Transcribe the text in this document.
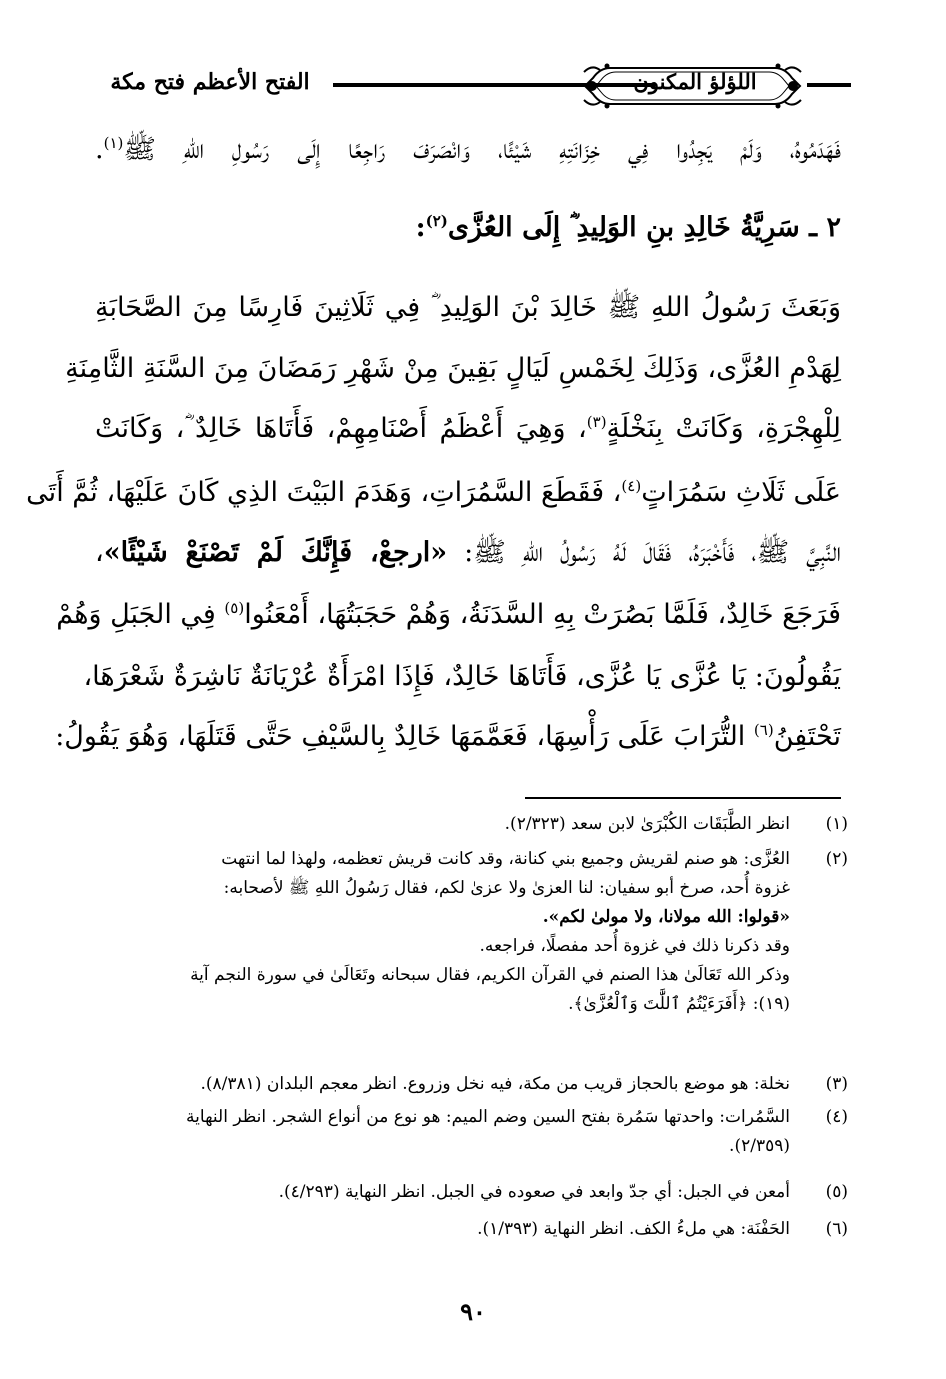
الفتح الأعظم فتح مكة	اللؤلؤ المكنون
فَهَدَمُوهُ، وَلَمْ يَجِدُوا فِي خِزَانَتِهِ شَيْئًا، وَانْصَرَفَ رَاجِعًا إِلَى رَسُولِ اللهِ ﷺ$^{(١)}$.
٢ ـ سَرِيَّةُ خَالِدِ بنِ الوَلِيدِ ؓ إِلَى العُزَّى$^{(٢)}$:
وَبَعَثَ رَسُولُ اللهِ ﷺ خَالِدَ بْنَ الوَلِيدِ ؓ فِي ثَلَاثِينَ فَارِسًا مِنَ الصَّحَابَةِ
لِهَدْمِ العُزَّى، وَذَلِكَ لِخَمْسِ لَيَالٍ بَقِينَ مِنْ شَهْرِ رَمَضَانَ مِنَ السَّنَةِ الثَّامِنَةِ
لِلْهِجْرَةِ، وَكَانَتْ بِنَخْلَةٍ$^{(٣)}$، وَهِيَ أَعْظَمُ أَصْنَامِهِمْ، فَأَتَاهَا خَالِدٌ ؓ، وَكَانَتْ
عَلَى ثَلَاثِ سَمُرَاتٍ$^{(٤)}$، فَقَطَعَ السَّمُرَاتِ، وَهَدَمَ البَيْتَ الذِي كَانَ عَلَيْهَا، ثُمَّ أَتَى
النَّبِيَّ ﷺ، فَأَخْبَرَهُ، فَقَالَ لَهُ رَسُولُ اللهِ ﷺ: «ارجعْ، فَإِنَّكَ لَمْ تَصْنَعْ شَيْئًا»،
فَرَجَعَ خَالِدٌ، فَلَمَّا بَصُرَتْ بِهِ السَّدَنَةُ، وَهُمْ حَجَبَتُهَا، أَمْعَنُوا$^{(٥)}$ فِي الجَبَلِ وَهُمْ
يَقُولُونَ: يَا عُزَّى يَا عُزَّى، فَأَتَاهَا خَالِدٌ، فَإِذَا امْرَأَةٌ عُرْيَانَةٌ نَاشِرَةٌ شَعْرَهَا،
تَحْتَفِنُ$^{(٦)}$ التُّرَابَ عَلَى رَأْسِهَا، فَعَمَّمَهَا خَالِدٌ بِالسَّيْفِ حَتَّى قَتَلَهَا، وَهُوَ يَقُولُ:
(١)
انظر الطَّبَقَات الكُبْرَىٰ لابن سعد (٢/٣٢٣).
(٢)
العُزَّى: هو صنم لقريش وجميع بني كنانة، وقد كانت قريش تعظمه، ولهذا لما انتهت
غزوة أُحد، صرخ أبو سفيان: لنا العزىٰ ولا عزىٰ لكم، فقال رَسُولُ اللهِ ﷺ لأصحابه:
«قولوا: الله مولانا، ولا مولىٰ لكم».
وقد ذكرنا ذلك في غزوة أُحد مفصلًا، فراجعه.
وذكر الله تَعَالَىٰ هذا الصنم في القرآن الكريم، فقال سبحانه وتَعَالَىٰ في سورة النجم آية
(١٩): ﴿أَفَرَءَيْتُمُ ٱللَّٰتَ وَٱلْعُزَّىٰ﴾.
(٣)
نخلة: هو موضع بالحجاز قريب من مكة، فيه نخل وزروع. انظر معجم البلدان (٨/٣٨١).
(٤)
السَّمُرات: واحدتها سَمُرة بفتح السين وضم الميم: هو نوع من أنواع الشجر. انظر النهاية
(٢/٣٥٩).
(٥)
أمعن في الجبل: أي جدّ وابعد في صعوده في الجبل. انظر النهاية (٤/٢٩٣).
(٦)
الحَفْنَة: هي ملءُ الكف. انظر النهاية (١/٣٩٣).
٩٠
